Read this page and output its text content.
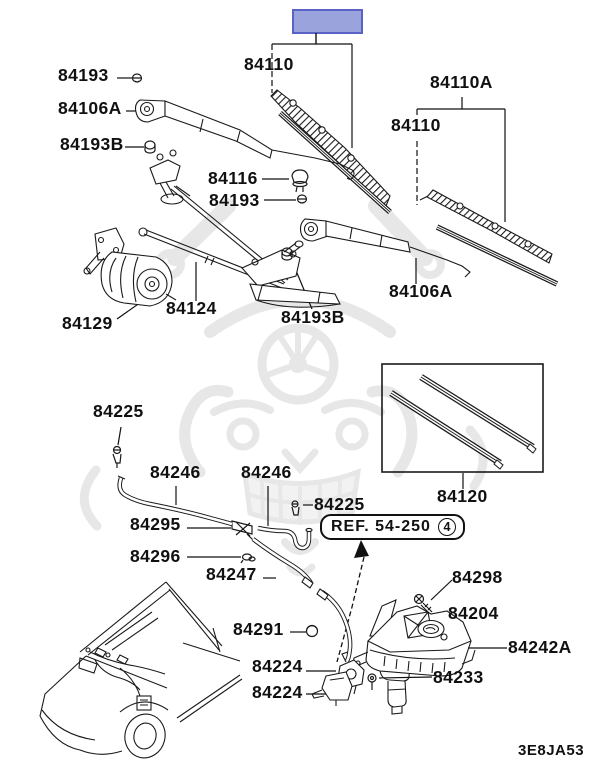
84193
84106A
84193B
84110
84110A
84110
84116
84193
84106A
84124	84193B
84129
84225
84246 84246
84225
84295
84296
84247
84120
84291
84224
84224
84298
84204
84242A
84233
REF. 54-250	4
3E8JA53
